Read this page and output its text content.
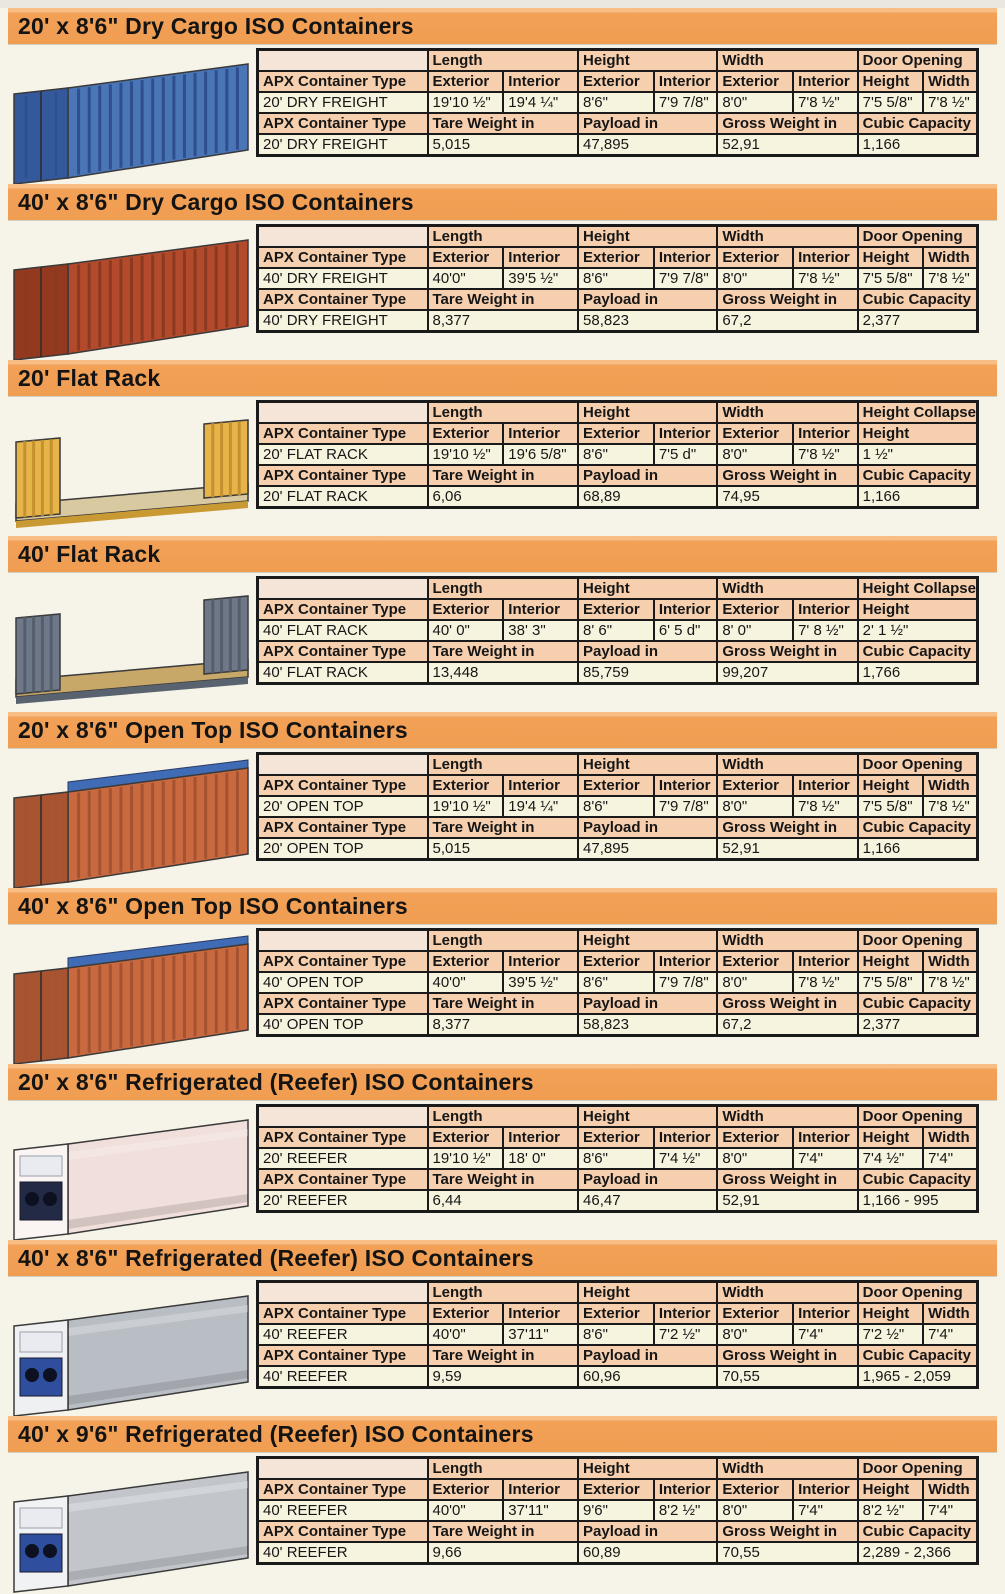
20' x 8'6" Dry Cargo ISO Containers
	Length		Height		Width		Door Opening	
APX Container Type	Exterior	Interior	Exterior	Interior	Exterior	Interior	Height	Width
20' DRY FREIGHT	19'10 ½"	19'4 ¼"	8'6"	7'9 7/8"	8'0"	7'8 ½"	7'5 5/8"	7'8 ½"
APX Container Type	Tare Weight in		Payload in		Gross Weight in		Cubic Capacity	
20' DRY FREIGHT	5,015		47,895		52,91		1,166	
40' x 8'6" Dry Cargo ISO Containers
	Length		Height		Width		Door Opening	
APX Container Type	Exterior	Interior	Exterior	Interior	Exterior	Interior	Height	Width
40' DRY FREIGHT	40'0"	39'5 ½"	8'6"	7'9 7/8"	8'0"	7'8 ½"	7'5 5/8"	7'8 ½"
APX Container Type	Tare Weight in		Payload in		Gross Weight in		Cubic Capacity	
40' DRY FREIGHT	8,377		58,823		67,2		2,377	
20' Flat Rack
	Length		Height		Width		Height Collapse
APX Container Type	Exterior	Interior	Exterior	Interior	Exterior	Interior	Height
20' FLAT RACK	19'10 ½"	19'6 5/8"	8'6"	7'5 d"	8'0"	7'8 ½"	1 ½"
APX Container Type	Tare Weight in		Payload in		Gross Weight in		Cubic Capacity
20' FLAT RACK	6,06		68,89		74,95		1,166
40' Flat Rack
	Length		Height		Width		Height Collapse
APX Container Type	Exterior	Interior	Exterior	Interior	Exterior	Interior	Height
40' FLAT RACK	40' 0"	38' 3"	8' 6"	6' 5 d"	8' 0"	7' 8 ½"	2' 1 ½"
APX Container Type	Tare Weight in		Payload in		Gross Weight in		Cubic Capacity
40' FLAT RACK	13,448		85,759		99,207		1,766
20' x 8'6" Open Top ISO Containers
	Length		Height		Width		Door Opening	
APX Container Type	Exterior	Interior	Exterior	Interior	Exterior	Interior	Height	Width
20' OPEN TOP	19'10 ½"	19'4 ¼"	8'6"	7'9 7/8"	8'0"	7'8 ½"	7'5 5/8"	7'8 ½"
APX Container Type	Tare Weight in		Payload in		Gross Weight in		Cubic Capacity	
20' OPEN TOP	5,015		47,895		52,91		1,166	
40' x 8'6" Open Top ISO Containers
	Length		Height		Width		Door Opening	
APX Container Type	Exterior	Interior	Exterior	Interior	Exterior	Interior	Height	Width
40' OPEN TOP	40'0"	39'5 ½"	8'6"	7'9 7/8"	8'0"	7'8 ½"	7'5 5/8"	7'8 ½"
APX Container Type	Tare Weight in		Payload in		Gross Weight in		Cubic Capacity	
40' OPEN TOP	8,377		58,823		67,2		2,377	
20' x 8'6" Refrigerated (Reefer) ISO Containers
	Length		Height		Width		Door Opening	
APX Container Type	Exterior	Interior	Exterior	Interior	Exterior	Interior	Height	Width
20' REEFER	19'10 ½"	18' 0"	8'6"	7'4 ½"	8'0"	7'4"	7'4 ½"	7'4"
APX Container Type	Tare Weight in		Payload in		Gross Weight in		Cubic Capacity	
20' REEFER	6,44		46,47		52,91		1,166 - 995	
40' x 8'6" Refrigerated (Reefer) ISO Containers
	Length		Height		Width		Door Opening	
APX Container Type	Exterior	Interior	Exterior	Interior	Exterior	Interior	Height	Width
40' REEFER	40'0"	37'11"	8'6"	7'2 ½"	8'0"	7'4"	7'2 ½"	7'4"
APX Container Type	Tare Weight in		Payload in		Gross Weight in		Cubic Capacity	
40' REEFER	9,59		60,96		70,55		1,965 - 2,059	
40' x 9'6" Refrigerated (Reefer) ISO Containers
	Length		Height		Width		Door Opening	
APX Container Type	Exterior	Interior	Exterior	Interior	Exterior	Interior	Height	Width
40' REEFER	40'0"	37'11"	9'6"	8'2 ½"	8'0"	7'4"	8'2 ½"	7'4"
APX Container Type	Tare Weight in		Payload in		Gross Weight in		Cubic Capacity	
40' REEFER	9,66		60,89		70,55		2,289 - 2,366	
